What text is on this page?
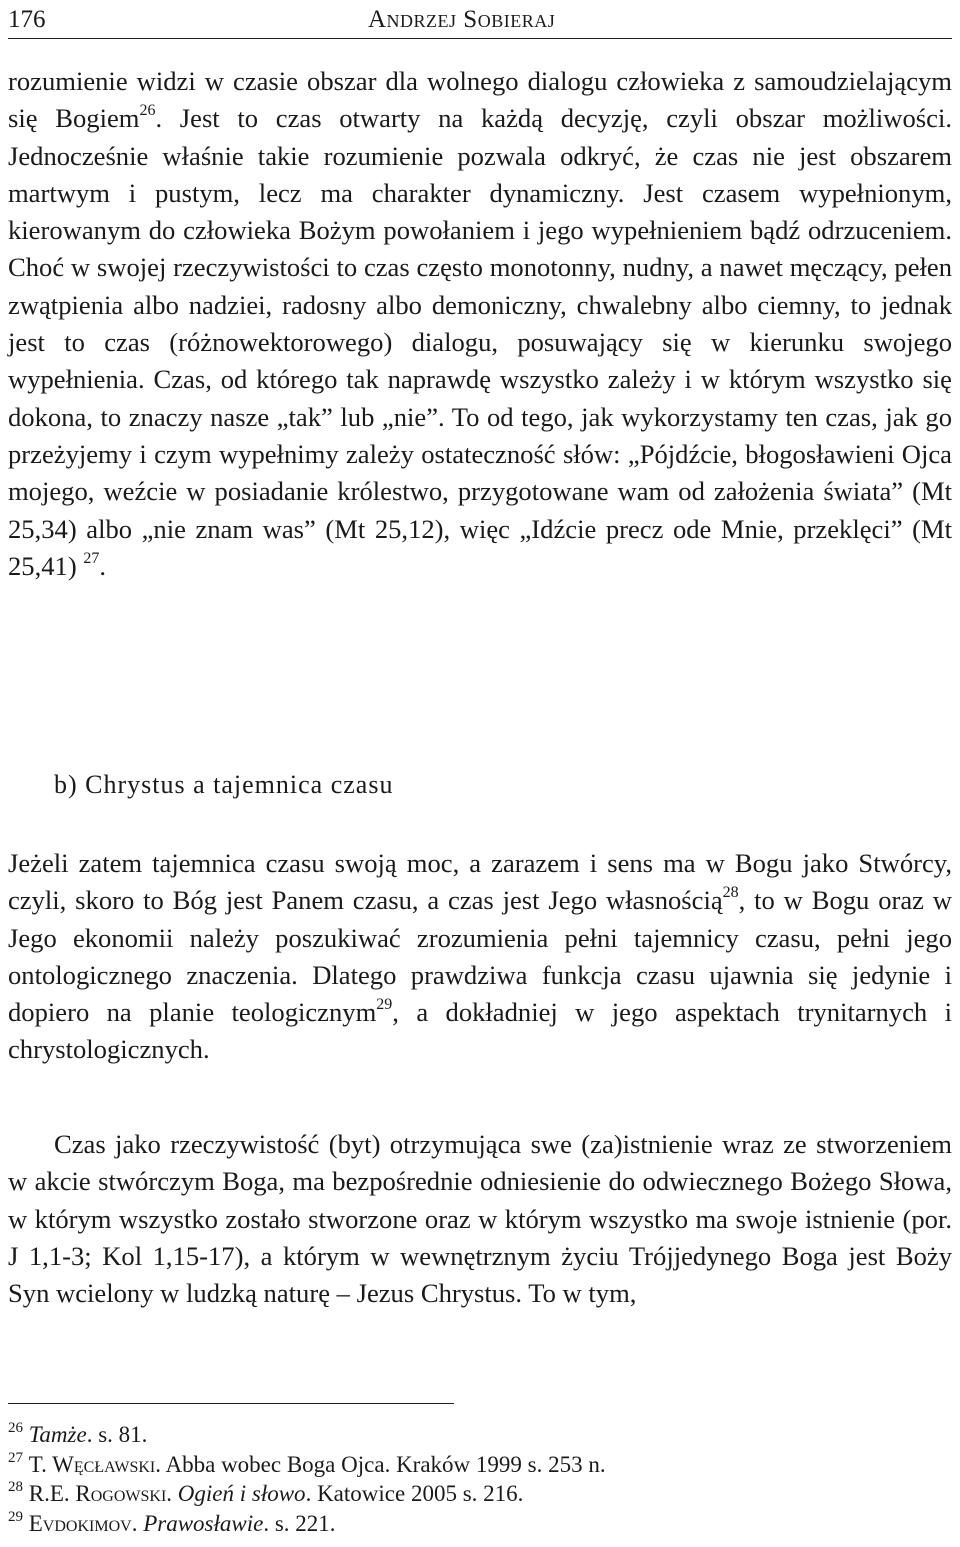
176	Andrzej Sobieraj

rozumienie widzi w czasie obszar dla wolnego dialogu człowieka z samoudzielającym się Bogiem$^{26}$. Jest to czas otwarty na każdą decyzję, czyli obszar możliwości. Jednocześnie właśnie takie rozumienie pozwala odkryć, że czas nie jest obszarem martwym i pustym, lecz ma charakter dynamiczny. Jest czasem wypełnionym, kierowanym do człowieka Bożym powołaniem i jego wypełnieniem bądź odrzuceniem. Choć w swojej rzeczywistości to czas często monotonny, nudny, a nawet męczący, pełen zwątpienia albo nadziei, radosny albo demoniczny, chwalebny albo ciemny, to jednak jest to czas (różnowektorowego) dialogu, posuwający się w kierunku swojego wypełnienia. Czas, od którego tak naprawdę wszystko zależy i w którym wszystko się dokona, to znaczy nasze „tak” lub „nie”. To od tego, jak wykorzystamy ten czas, jak go przeżyjemy i czym wypełnimy zależy ostateczność słów: „Pójdźcie, błogosławieni Ojca mojego, weźcie w posiadanie królestwo, przygotowane wam od założenia świata” (Mt 25,34) albo „nie znam was” (Mt 25,12), więc „Idźcie precz ode Mnie, przeklęci” (Mt 25,41) $^{27}$.

b) Chrystus a tajemnica czasu

Jeżeli zatem tajemnica czasu swoją moc, a zarazem i sens ma w Bogu jako Stwórcy, czyli, skoro to Bóg jest Panem czasu, a czas jest Jego własnością$^{28}$, to w Bogu oraz w Jego ekonomii należy poszukiwać zrozumienia pełni tajemnicy czasu, pełni jego ontologicznego znaczenia. Dlatego prawdziwa funkcja czasu ujawnia się jedynie i dopiero na planie teologicznym$^{29}$, a dokładniej w jego aspektach trynitarnych i chrystologicznych.

Czas jako rzeczywistość (byt) otrzymująca swe (za)istnienie wraz ze stworzeniem w akcie stwórczym Boga, ma bezpośrednie odniesienie do odwiecznego Bożego Słowa, w którym wszystko zostało stworzone oraz w którym wszystko ma swoje istnienie (por. J 1,1-3; Kol 1,15-17), a którym w wewnętrznym życiu Trójjedynego Boga jest Boży Syn wcielony w ludzką naturę – Jezus Chrystus. To w tym,

$^{26}$ Tamże. s. 81.

$^{27}$ T. Węcławski. Abba wobec Boga Ojca. Kraków 1999 s. 253 n.

$^{28}$ R.E. Rogowski. Ogień i słowo. Katowice 2005 s. 216.

$^{29}$ Evdokimov. Prawosławie. s. 221.
